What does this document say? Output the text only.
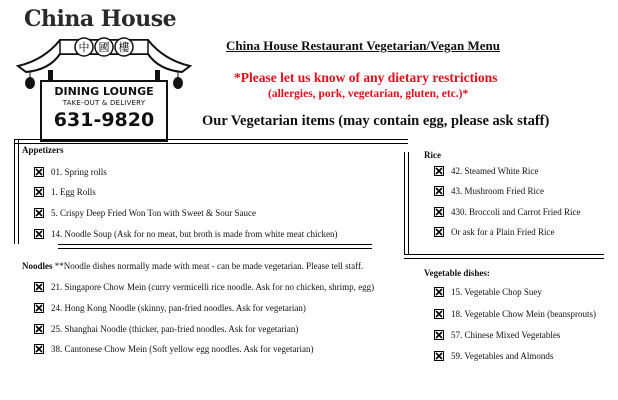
China House
中 國 樓
DINING LOUNGE
TAKE-OUT & DELIVERY
631-9820
China House Restaurant Vegetarian/Vegan Menu
*Please let us know of any dietary restrictions
(allergies, pork, vegetarian, gluten, etc.)*
Our Vegetarian items (may contain egg, please ask staff)
Appetizers
01. Spring rolls
1. Egg Rolls
5. Crispy Deep Fried Won Ton with Sweet & Sour Sauce
14. Noodle Soup (Ask for no meat, but broth is made from white meat chicken)
Noodles **Noodle dishes normally made with meat - can be made vegetarian. Please tell staff.
21. Singapore Chow Mein (curry vermicelli rice noodle. Ask for no chicken, shrimp, egg)
24. Hong Kong Noodle (skinny, pan-fried noodles. Ask for vegetarian)
25. Shanghai Noodle (thicker, pan-fried noodles. Ask for vegetarian)
38. Cantonese Chow Mein (Soft yellow egg noodles. Ask for vegetarian)
Rice
42. Steamed White Rice
43. Mushroom Fried Rice
430. Broccoli and Carrot Fried Rice
Or ask for a Plain Fried Rice
Vegetable dishes:
15. Vegetable Chop Suey
18. Vegetable Chow Mein (beansprouts)
57. Chinese Mixed Vegetables
59. Vegetables and Almonds
